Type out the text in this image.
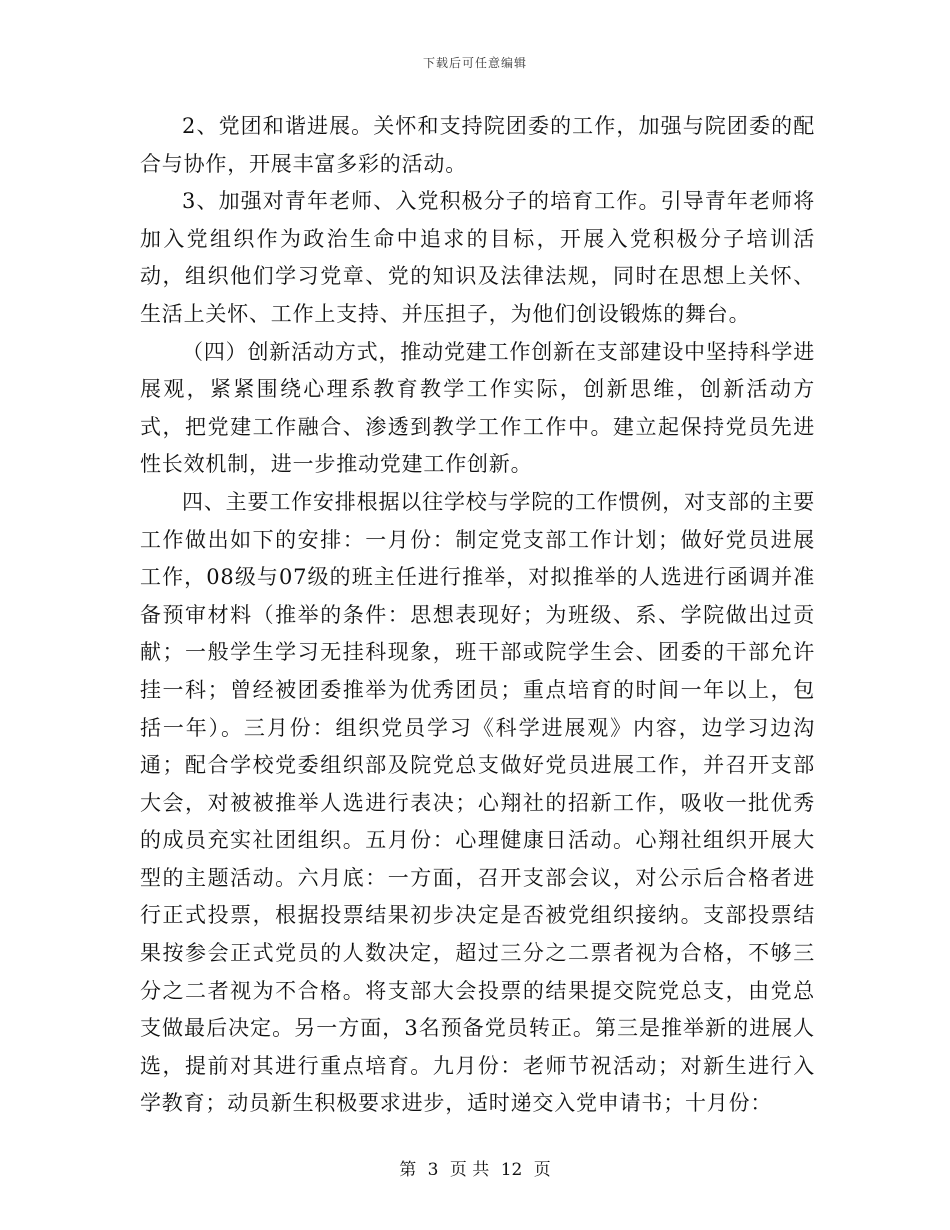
下载后可任意编辑

2、党团和谐进展。关怀和支持院团委的工作，加强与院团委的配合与协作，开展丰富多彩的活动。

3、加强对青年老师、入党积极分子的培育工作。引导青年老师将加入党组织作为政治生命中追求的目标，开展入党积极分子培训活动，组织他们学习党章、党的知识及法律法规，同时在思想上关怀、生活上关怀、工作上支持、并压担子，为他们创设锻炼的舞台。

（四）创新活动方式，推动党建工作创新在支部建设中坚持科学进展观，紧紧围绕心理系教育教学工作实际，创新思维，创新活动方式，把党建工作融合、渗透到教学工作工作中。建立起保持党员先进性长效机制，进一步推动党建工作创新。

四、主要工作安排根据以往学校与学院的工作惯例，对支部的主要工作做出如下的安排：一月份：制定党支部工作计划；做好党员进展工作，08级与07级的班主任进行推举，对拟推举的人选进行函调并准备预审材料（推举的条件：思想表现好；为班级、系、学院做出过贡献；一般学生学习无挂科现象，班干部或院学生会、团委的干部允许挂一科；曾经被团委推举为优秀团员；重点培育的时间一年以上，包括一年）。三月份：组织党员学习《科学进展观》内容，边学习边沟通；配合学校党委组织部及院党总支做好党员进展工作，并召开支部大会，对被被推举人选进行表决；心翔社的招新工作，吸收一批优秀的成员充实社团组织。五月份：心理健康日活动。心翔社组织开展大型的主题活动。六月底：一方面，召开支部会议，对公示后合格者进行正式投票，根据投票结果初步决定是否被党组织接纳。支部投票结果按参会正式党员的人数决定，超过三分之二票者视为合格，不够三分之二者视为不合格。将支部大会投票的结果提交院党总支，由党总支做最后决定。另一方面，3名预备党员转正。第三是推举新的进展人选，提前对其进行重点培育。九月份：老师节祝活动；对新生进行入学教育；动员新生积极要求进步，适时递交入党申请书；十月份：

第 3 页 共 12 页
